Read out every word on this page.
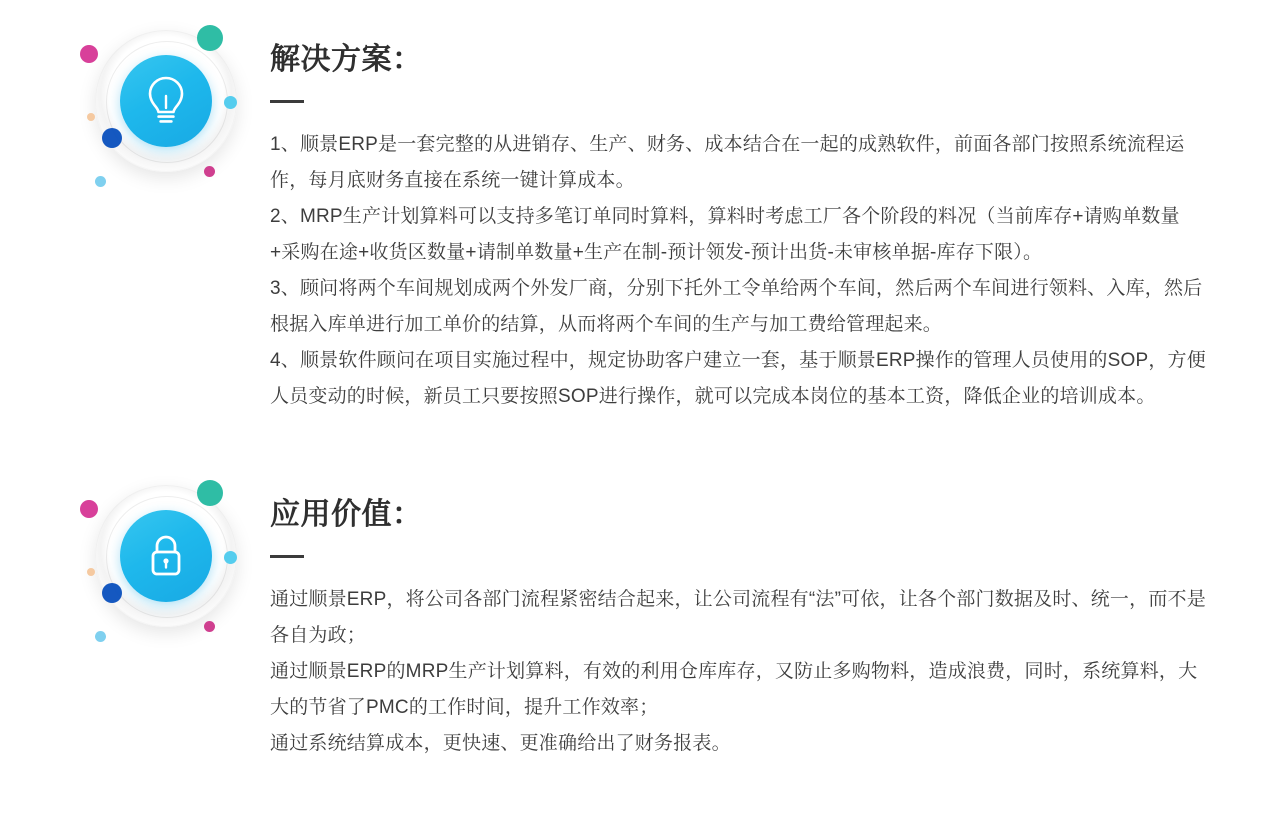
解决方案：

1、顺景ERP是一套完整的从进销存、生产、财务、成本结合在一起的成熟软件，前面各部门按照系统流程运作，每月底财务直接在系统一键计算成本。

2、MRP生产计划算料可以支持多笔订单同时算料，算料时考虑工厂各个阶段的料况（当前库存+请购单数量+采购在途+收货区数量+请制单数量+生产在制-预计领发-预计出货-未审核单据-库存下限）。

3、顾问将两个车间规划成两个外发厂商，分别下托外工令单给两个车间，然后两个车间进行领料、入库，然后根据入库单进行加工单价的结算，从而将两个车间的生产与加工费给管理起来。

4、顺景软件顾问在项目实施过程中，规定协助客户建立一套，基于顺景ERP操作的管理人员使用的SOP，方便人员变动的时候，新员工只要按照SOP进行操作，就可以完成本岗位的基本工资，降低企业的培训成本。

应用价值：

通过顺景ERP，将公司各部门流程紧密结合起来，让公司流程有“法”可依，让各个部门数据及时、统一，而不是各自为政；

通过顺景ERP的MRP生产计划算料，有效的利用仓库库存，又防止多购物料，造成浪费，同时，系统算料，大大的节省了PMC的工作时间，提升工作效率；

通过系统结算成本，更快速、更准确给出了财务报表。
